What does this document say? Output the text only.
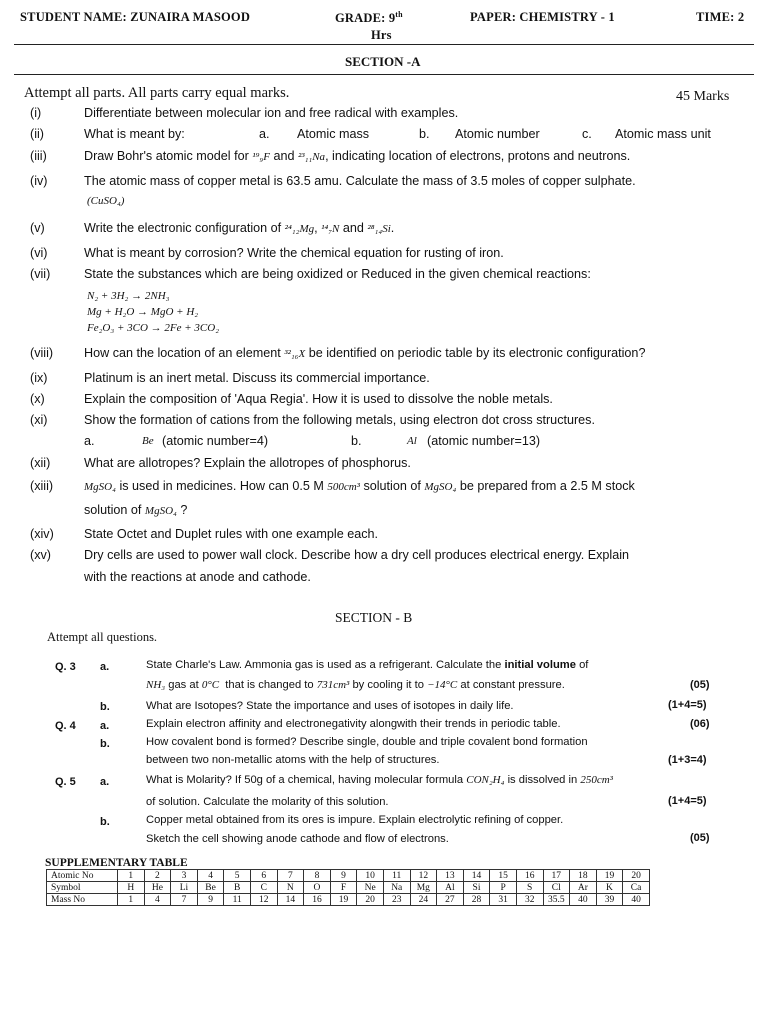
STUDENT NAME: ZUNAIRA MASOOD	GRADE: 9th
Hrs
PAPER: CHEMISTRY - 1	TIME: 2
SECTION -A
Attempt all parts. All parts carry equal marks.	45 Marks
(i)	Differentiate between molecular ion and free radical with examples.
(ii)	What is meant by:	a. Atomic mass	b. Atomic number	c. Atomic mass unit
(iii)	Draw Bohr's atomic model for ¹⁹₉F and ²³₁₁Na, indicating location of electrons, protons and neutrons.
(iv)	The atomic mass of copper metal is 63.5 amu. Calculate the mass of 3.5 moles of copper sulphate.
(CuSO₄)
(v)	Write the electronic configuration of ²⁴₁₂Mg, ¹⁴₇N and ²⁸₁₄Si.
(vi)	What is meant by corrosion? Write the chemical equation for rusting of iron.
(vii)	State the substances which are being oxidized or Reduced in the given chemical reactions:
N₂ + 3H₂ → 2NH₃
Mg + H₂O → MgO + H₂
Fe₂O₃ + 3CO → 2Fe + 3CO₂
(viii) How can the location of an element ³²₁₆X be identified on periodic table by its electronic configuration?
(ix)	Platinum is an inert metal. Discuss its commercial importance.
(x)	Explain the composition of 'Aqua Regia'. How it is used to dissolve the noble metals.
(xi)	Show the formation of cations from the following metals, using electron dot cross structures.
a.	Be (atomic number=4)	b.	Al (atomic number=13)
(xii)	What are allotropes? Explain the allotropes of phosphorus.
(xiii)	MgSO₄ is used in medicines. How can 0.5 M 500cm³ solution of MgSO₄ be prepared from a 2.5 M stock
solution of MgSO₄ ?
(xiv) State Octet and Duplet rules with one example each.
(xv)	Dry cells are used to power wall clock. Describe how a dry cell produces electrical energy. Explain
with the reactions at anode and cathode.
SECTION - B
Attempt all questions.
Q. 3 a.	State Charle's Law. Ammonia gas is used as a refrigerant. Calculate the initial volume of
NH₃ gas at 0°C that is changed to 731cm³ by cooling it to −14°C at constant pressure.	(05)
b.	What are Isotopes? State the importance and uses of isotopes in daily life.	(1+4=5)
Q. 4 a.	Explain electron affinity and electronegativity alongwith their trends in periodic table.	(06)
b.	How covalent bond is formed? Describe single, double and triple covalent bond formation
between two non-metallic atoms with the help of structures.	(1+3=4)
Q. 5 a.	What is Molarity? If 50g of a chemical, having molecular formula CON₂H₄ is dissolved in 250cm³
of solution. Calculate the molarity of this solution.	(1+4=5)
b.	Copper metal obtained from its ores is impure. Explain electrolytic refining of copper.
Sketch the cell showing anode cathode and flow of electrons.	(05)
SUPPLEMENTARY TABLE
Atomic No	1	2	3	4	5	6	7	8	9	10	11	12	13	14	15	16	17	18	19	20
Symbol	H	He	Li	Be	B	C	N	O	F	Ne	Na	Mg	Al	Si	P	S	Cl	Ar	K	Ca
Mass No	1	4	7	9	11	12	14	16	19	20	23	24	27	28	31	32	35.5	40	39	40
